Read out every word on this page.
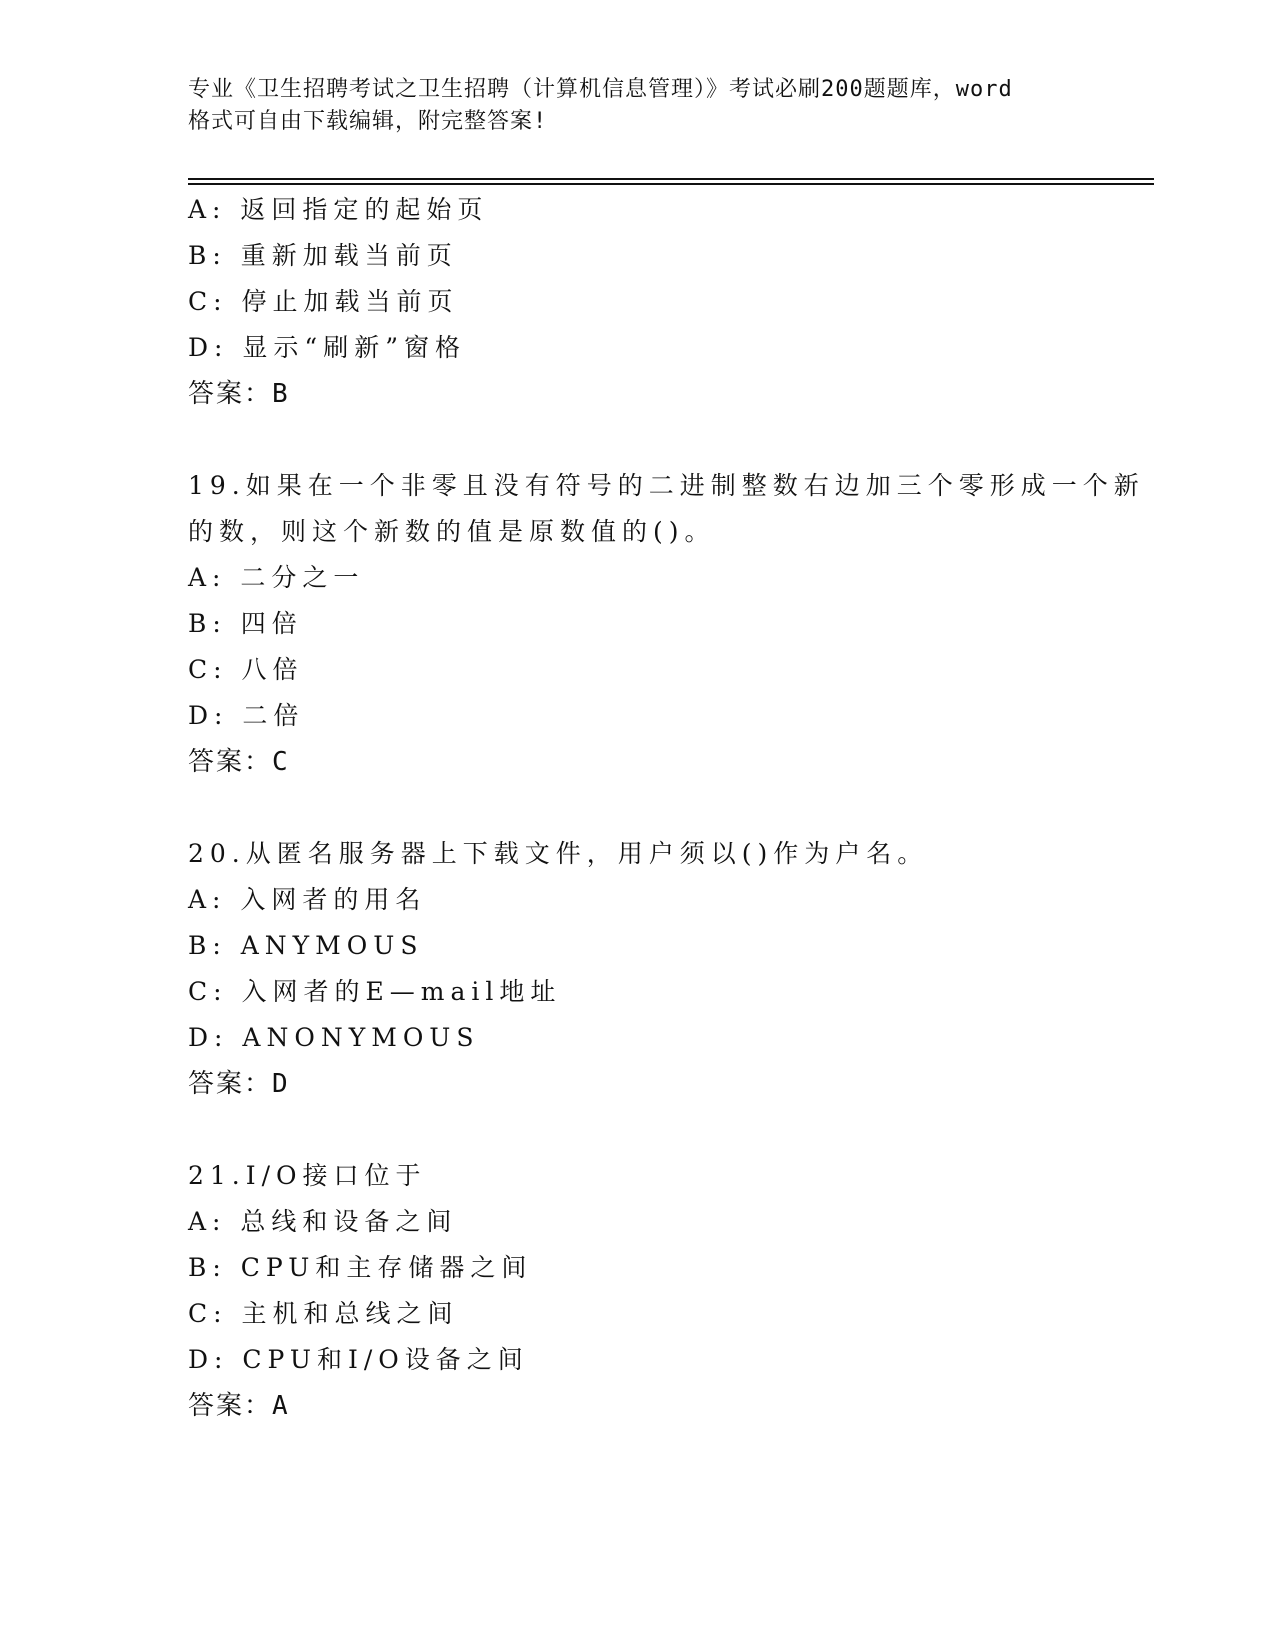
专业《卫生招聘考试之卫生招聘（计算机信息管理）》考试必刷200题题库，word
格式可自由下载编辑，附完整答案!
A: 返回指定的起始页
B: 重新加载当前页
C: 停止加载当前页
D: 显示“刷新”窗格
答案：B
19.如果在一个非零且没有符号的二进制整数右边加三个零形成一个新
的数，则这个新数的值是原数值的()。
A: 二分之一
B: 四倍
C: 八倍
D: 二倍
答案：C
20.从匿名服务器上下载文件，用户须以()作为户名。
A: 入网者的用名
B: ANYMOUS
C: 入网者的E—mail地址
D: ANONYMOUS
答案：D
21.I/O接口位于
A: 总线和设备之间
B: CPU和主存储器之间
C: 主机和总线之间
D: CPU和I/O设备之间
答案：A
